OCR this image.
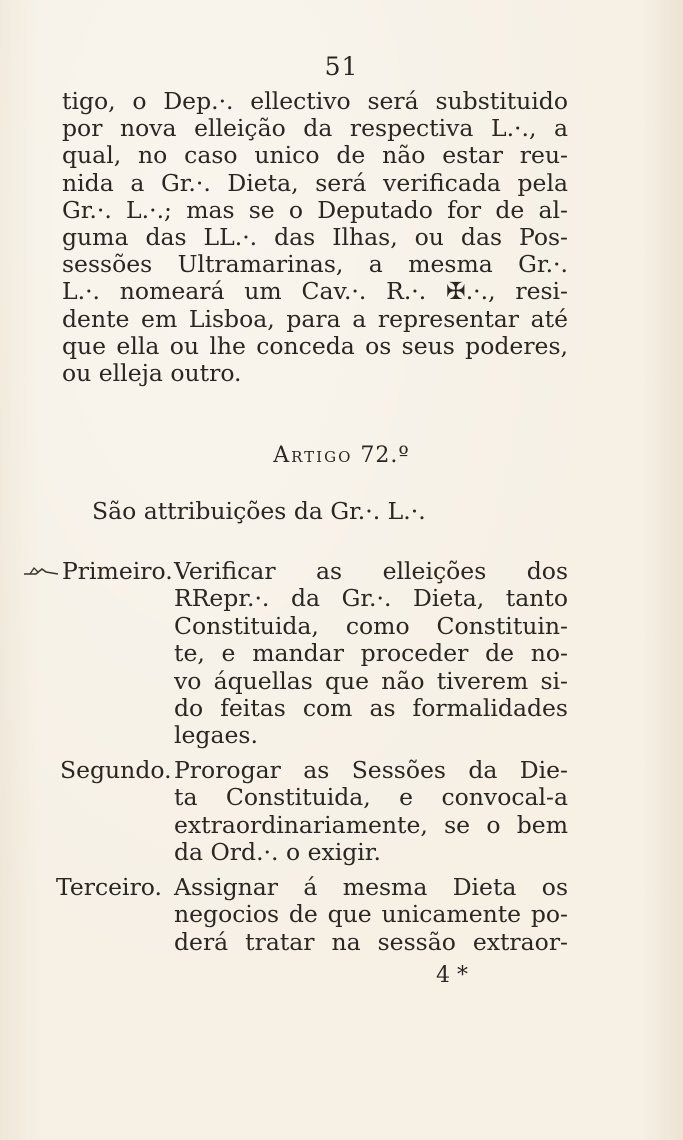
51
tigo, o Dep.·. ellectivo será substituido
por nova elleição da respectiva L.·., a
qual, no caso unico de não estar reu-
nida a Gr.·. Dieta, será verificada pela
Gr.·. L.·.; mas se o Deputado for de al-
guma das LL.·. das Ilhas, ou das Pos-
sessões Ultramarinas, a mesma Gr.·.
L.·. nomeará um Cav.·. R.·. ✠.·., resi-
dente em Lisboa, para a representar até
que ella ou lhe conceda os seus poderes,
ou elleja outro.
Artigo 72.º
São attribuições da Gr.·. L.·.
Primeiro. Verificar as elleições dos
RRepr.·. da Gr.·. Dieta, tanto
Constituida, como Constituin-
te, e mandar proceder de no-
vo áquellas que não tiverem si-
do feitas com as formalidades
legaes.
Segundo. Prorogar as Sessões da Die-
ta Constituida, e convocal-a
extraordinariamente, se o bem
da Ord.·. o exigir.
Terceiro. Assignar á mesma Dieta os
negocios de que unicamente po-
derá tratar na sessão extraor-
4 *
